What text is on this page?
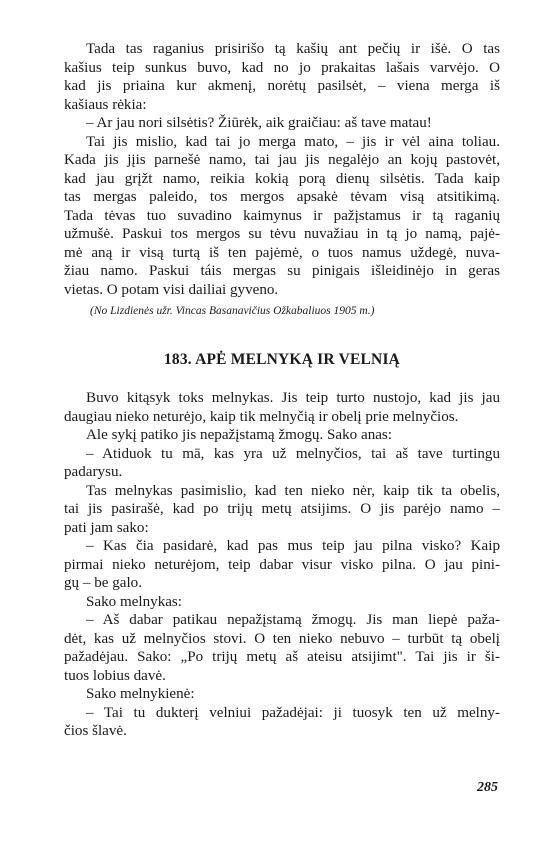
Tada tas raganius prisirišo tą kašių ant pečių ir išė. O tas
kašius teip sunkus buvo, kad no jo prakaitas lašais varvėjo. O
kad jis priaina kur akmenį, norėtų pasilsėt, – viena merga iš
kašiaus rėkia:

– Ar jau nori silsėtis? Žiūrėk, aik graičiau: aš tave matau!

Tai jis mislio, kad tai jo merga mato, – jis ir vėl aina toliau.
Kada jis jįis parnešė namo, tai jau jis negalėjo an kojų pastovėt,
kad jau grįžt namo, reikia kokią porą dienų silsėtis. Tada kaip
tas mergas paleido, tos mergos apsakė tėvam visą atsitikimą.
Tada tėvas tuo suvadino kaimynus ir pažįstamus ir tą raganių
užmušė. Paskui tos mergos su tėvu nuvažiau in tą jo namą, pajė-
mė aną ir visą turtą iš ten pajėmė, o tuos namus uždegė, nuva-
žiau namo. Paskui táis mergas su pinigais išleidinėjo in geras
vietas. O potam visi dailiai gyveno.

(No Lizdienės užr. Vincas Basanavičius Ožkabaliuos 1905 m.)

183. APĖ MELNYKĄ IR VELNIĄ

Buvo kitąsyk toks melnykas. Jis teip turto nustojo, kad jis jau
daugiau nieko neturėjo, kaip tik melnyčią ir obelį prie melnyčios.

Ale sykį patiko jis nepažįstamą žmogų. Sako anas:

– Atiduok tu mā, kas yra už melnyčios, tai aš tave turtingu
padarysu.

Tas melnykas pasimislio, kad ten nieko nėr, kaip tik ta obelis,
tai jis pasirašė, kad po trijų metų atsijims. O jis parėjo namo –
pati jam sako:

– Kas čia pasidarė, kad pas mus teip jau pilna visko? Kaip
pirmai nieko neturėjom, teip dabar visur visko pilna. O jau pini-
gų – be galo.

Sako melnykas:

– Aš dabar patikau nepažįstamą žmogų. Jis man liepė paža-
dėt, kas už melnyčios stovi. O ten nieko nebuvo – turbūt tą obelį
pažadėjau. Sako: „Po trijų metų aš ateisu atsijimt". Tai jis ir ši-
tuos lobius davė.

Sako melnykienė:

– Tai tu dukterį velniui pažadėjai: ji tuosyk ten už melny-
čios šlavė.

285
